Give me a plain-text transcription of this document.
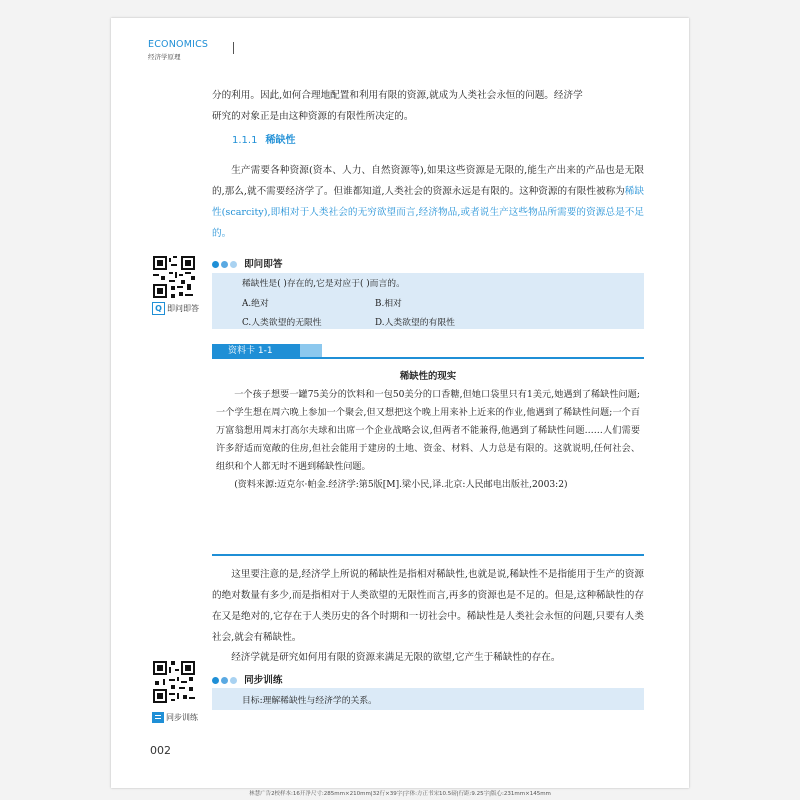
ECONOMICS
经济学原理
分的利用。因此,如何合理地配置和利用有限的资源,就成为人类社会永恒的问题。经济学
研究的对象正是由这种资源的有限性所决定的。
1.1.1 稀缺性
生产需要各种资源(资本、人力、自然资源等),如果这些资源是无限的,能生产出来的产品也是无限的,那么,就不需要经济学了。但谁都知道,人类社会的资源永远是有限的。这种资源的有限性被称为稀缺性(scarcity),即相对于人类社会的无穷欲望而言,经济物品,或者说生产这些物品所需要的资源总是不足的。
Q 即问即答
即问即答
稀缺性是( )存在的,它是对应于( )而言的。
A.绝对	B.相对
C.人类欲望的无限性	D.人类欲望的有限性
资料卡 1-1
稀缺性的现实
一个孩子想要一罐75美分的饮料和一包50美分的口香糖,但她口袋里只有1美元,她遇到了稀缺性问题;一个学生想在周六晚上参加一个聚会,但又想把这个晚上用来补上近来的作业,他遇到了稀缺性问题;一个百万富翁想用周末打高尔夫球和出席一个企业战略会议,但两者不能兼得,他遇到了稀缺性问题……人们需要许多舒适而宽敞的住房,但社会能用于建房的土地、资金、材料、人力总是有限的。这就说明,任何社会、组织和个人都无时不遇到稀缺性问题。
(资料来源:迈克尔·帕金.经济学:第5版[M].梁小民,译.北京:人民邮电出版社,2003:2)
这里要注意的是,经济学上所说的稀缺性是指相对稀缺性,也就是说,稀缺性不是指能用于生产的资源的绝对数量有多少,而是指相对于人类欲望的无限性而言,再多的资源也是不足的。但是,这种稀缺性的存在又是绝对的,它存在于人类历史的各个时期和一切社会中。稀缺性是人类社会永恒的问题,只要有人类社会,就会有稀缺性。
经济学就是研究如何用有限的资源来满足无限的欲望,它产生于稀缺性的存在。
同步训练
同步训练
目标:理解稀缺性与经济学的关系。
002
林慧广告2校样本:16开净尺寸:285mm×210mm|32行×39字|字体:方正书宋10.5磅|行距:9.25字|版心:231mm×145mm
